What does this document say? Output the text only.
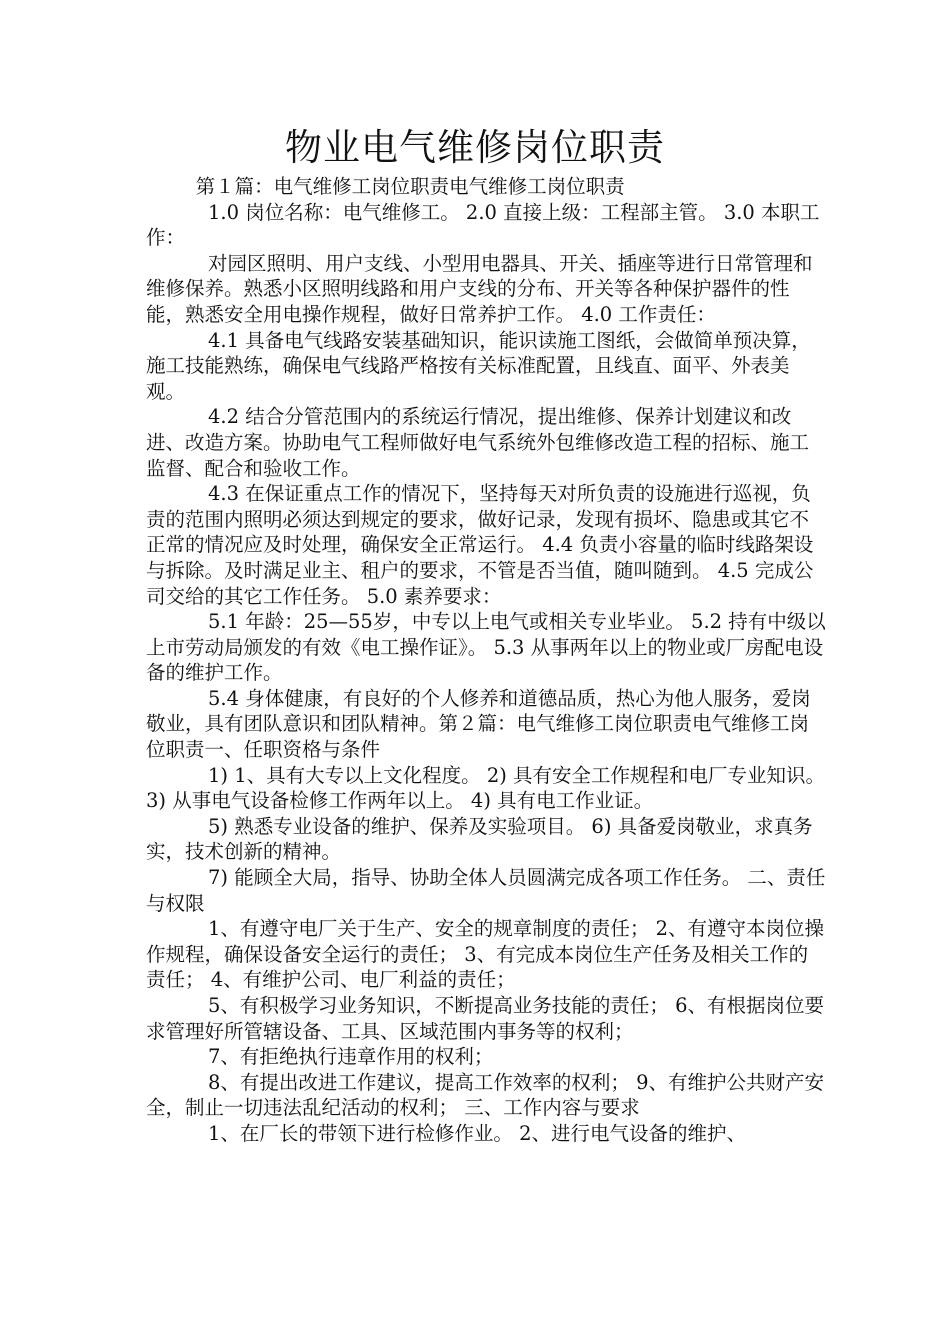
物业电气维修岗位职责

第１篇：电气维修工岗位职责电气维修工岗位职责

1.0 岗位名称：电气维修工。 2.0 直接上级：工程部主管。 3.0 本职工作：

对园区照明、用户支线、小型用电器具、开关、插座等进行日常管理和维修保养。熟悉小区照明线路和用户支线的分布、开关等各种保护器件的性能，熟悉安全用电操作规程，做好日常养护工作。 4.0 工作责任：

4.1 具备电气线路安装基础知识，能识读施工图纸，会做简单预决算，施工技能熟练，确保电气线路严格按有关标准配置，且线直、面平、外表美观。

4.2 结合分管范围内的系统运行情况，提出维修、保养计划建议和改进、改造方案。协助电气工程师做好电气系统外包维修改造工程的招标、施工监督、配合和验收工作。

4.3 在保证重点工作的情况下，坚持每天对所负责的设施进行巡视，负责的范围内照明必须达到规定的要求，做好记录，发现有损坏、隐患或其它不正常的情况应及时处理，确保安全正常运行。 4.4 负责小容量的临时线路架设与拆除。及时满足业主、租户的要求，不管是否当值，随叫随到。 4.5 完成公司交给的其它工作任务。 5.0 素养要求：

5.1 年龄：25—55岁，中专以上电气或相关专业毕业。 5.2 持有中级以上市劳动局颁发的有效《电工操作证》。 5.3 从事两年以上的物业或厂房配电设备的维护工作。

5.4 身体健康，有良好的个人修养和道德品质，热心为他人服务，爱岗敬业，具有团队意识和团队精神。第２篇：电气维修工岗位职责电气维修工岗位职责一、任职资格与条件

1) 1、具有大专以上文化程度。 2) 具有安全工作规程和电厂专业知识。 3) 从事电气设备检修工作两年以上。 4) 具有电工作业证。

5) 熟悉专业设备的维护、保养及实验项目。 6) 具备爱岗敬业，求真务实，技术创新的精神。

7) 能顾全大局，指导、协助全体人员圆满完成各项工作任务。 二、责任与权限

1、有遵守电厂关于生产、安全的规章制度的责任； 2、有遵守本岗位操作规程，确保设备安全运行的责任； 3、有完成本岗位生产任务及相关工作的责任； 4、有维护公司、电厂利益的责任；

5、有积极学习业务知识，不断提高业务技能的责任； 6、有根据岗位要求管理好所管辖设备、工具、区域范围内事务等的权利；

7、有拒绝执行违章作用的权利；

8、有提出改进工作建议，提高工作效率的权利； 9、有维护公共财产安全，制止一切违法乱纪活动的权利； 三、工作内容与要求

1、在厂长的带领下进行检修作业。 2、进行电气设备的维护、
